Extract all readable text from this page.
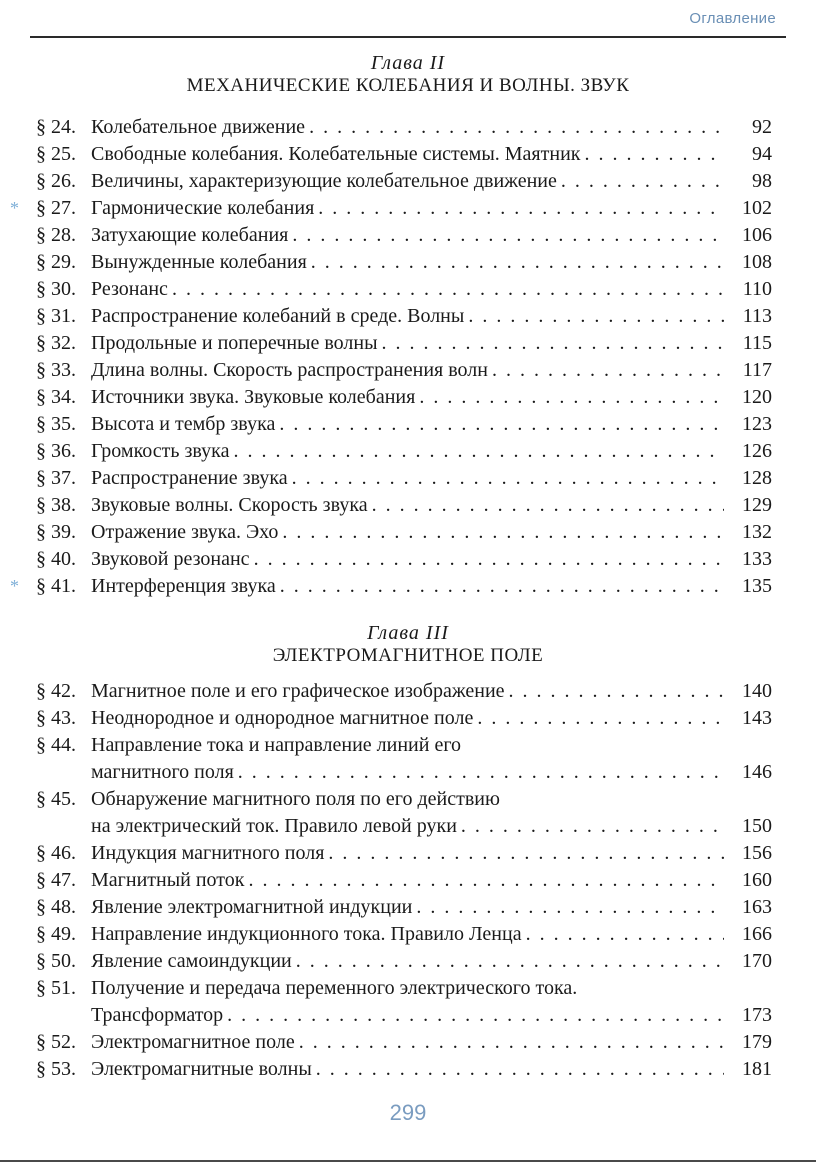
Оглавление
Глава II
МЕХАНИЧЕСКИЕ КОЛЕБАНИЯ И ВОЛНЫ. ЗВУК
§ 24. Колебательное движение . . .	92
§ 25. Свободные колебания. Колебательные системы. Маятник . . .	94
§ 26. Величины, характеризующие колебательное движение . . .	98
* § 27. Гармонические колебания . . .	102
§ 28. Затухающие колебания . . .	106
§ 29. Вынужденные колебания . . .	108
§ 30. Резонанс . . .	110
§ 31. Распространение колебаний в среде. Волны . . .	113
§ 32. Продольные и поперечные волны . . .	115
§ 33. Длина волны. Скорость распространения волн . . .	117
§ 34. Источники звука. Звуковые колебания . . .	120
§ 35. Высота и тембр звука . . .	123
§ 36. Громкость звука . . .	126
§ 37. Распространение звука . . .	128
§ 38. Звуковые волны. Скорость звука . . .	129
§ 39. Отражение звука. Эхо . . .	132
§ 40. Звуковой резонанс . . .	133
* § 41. Интерференция звука . . .	135
Глава III
ЭЛЕКТРОМАГНИТНОЕ ПОЛЕ
§ 42. Магнитное поле и его графическое изображение . . .	140
§ 43. Неоднородное и однородное магнитное поле . . .	143
§ 44. Направление тока и направление линий его
магнитного поля . . .	146
§ 45. Обнаружение магнитного поля по его действию
на электрический ток. Правило левой руки . . .	150
§ 46. Индукция магнитного поля . . .	156
§ 47. Магнитный поток . . .	160
§ 48. Явление электромагнитной индукции . . .	163
§ 49. Направление индукционного тока. Правило Ленца . . .	166
§ 50. Явление самоиндукции . . .	170
§ 51. Получение и передача переменного электрического тока.
Трансформатор . . .	173
§ 52. Электромагнитное поле . . .	179
§ 53. Электромагнитные волны . . .	181
299
